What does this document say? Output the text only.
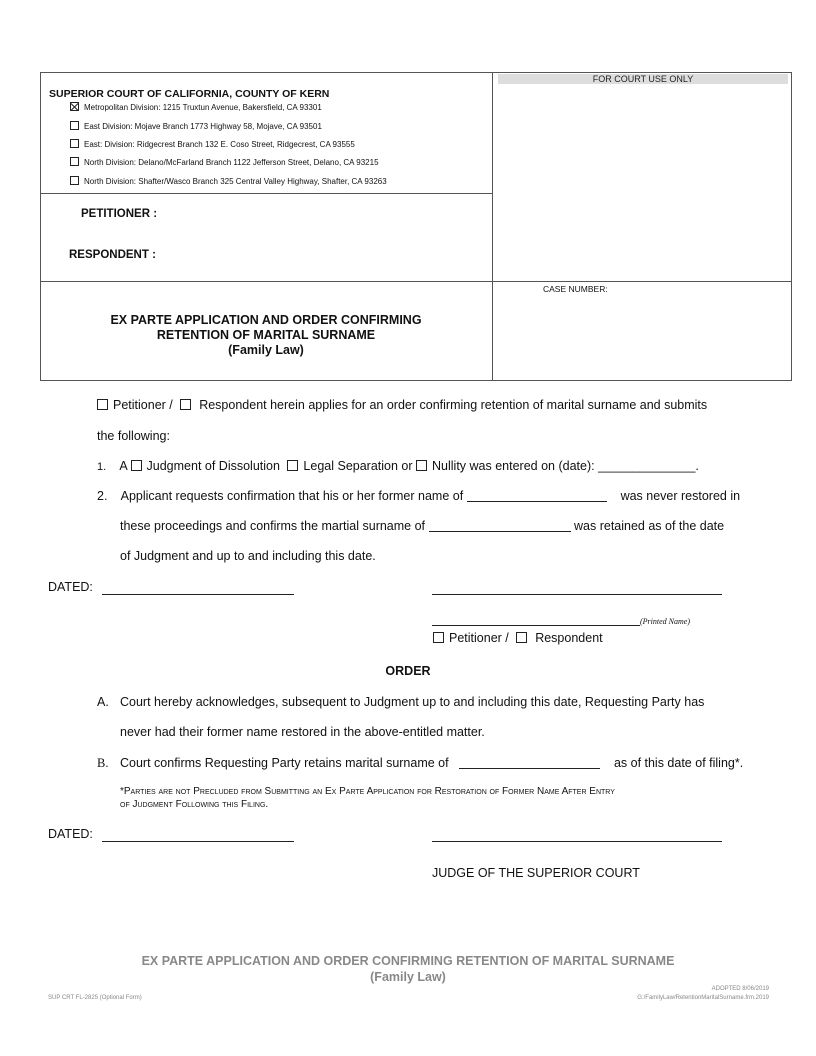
FOR COURT USE ONLY
SUPERIOR COURT OF CALIFORNIA, COUNTY OF KERN
Metropolitan Division: 1215 Truxtun Avenue, Bakersfield, CA 93301
East Division: Mojave Branch 1773 Highway 58, Mojave, CA 93501
East: Division: Ridgecrest Branch 132 E. Coso Street, Ridgecrest, CA 93555
North Division: Delano/McFarland Branch 1122 Jefferson Street, Delano, CA 93215
North Division: Shafter/Wasco Branch 325 Central Valley Highway, Shafter, CA 93263
PETITIONER :
RESPONDENT :
CASE NUMBER:
EX PARTE APPLICATION AND ORDER CONFIRMING
RETENTION OF MARITAL SURNAME
(Family Law)
Petitioner / Respondent herein applies for an order confirming retention of marital surname and submits
the following:
1. A Judgment of Dissolution Legal Separation or Nullity was entered on (date): ______________.
2. Applicant requests confirmation that his or her former name of	was never restored in
these proceedings and confirms the martial surname of	was retained as of the date
of Judgment and up to and including this date.
DATED:
(Printed Name)
Petitioner / Respondent
ORDER
A. Court hereby acknowledges, subsequent to Judgment up to and including this date, Requesting Party has
never had their former name restored in the above-entitled matter.
B. Court confirms Requesting Party retains marital surname of	as of this date of filing*.
*Parties are not Precluded from Submitting an Ex Parte Application for Restoration of Former Name After Entry
of Judgment Following this Filing.
DATED:
JUDGE OF THE SUPERIOR COURT
EX PARTE APPLICATION AND ORDER CONFIRMING RETENTION OF MARITAL SURNAME
(Family Law)
ADOPTED 8/06/2019
SUP CRT FL-2825 (Optional Form)	G:/FamilyLaw/RetentionMaritalSurname.frm.2019
